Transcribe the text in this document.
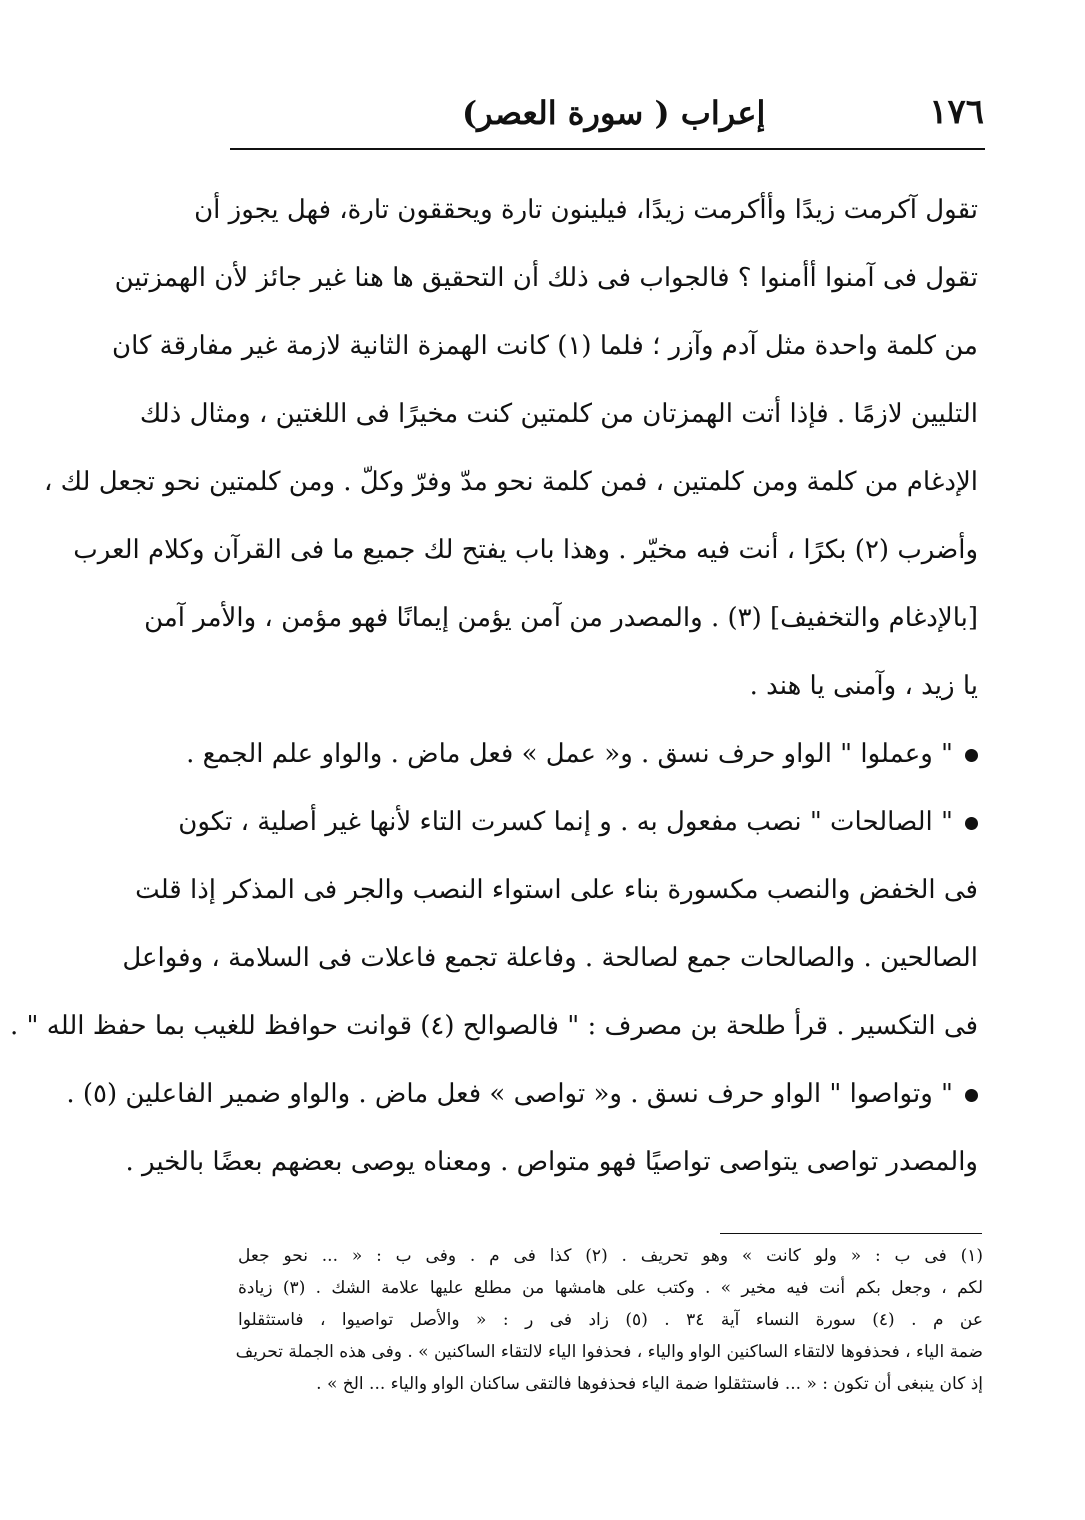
١٧٦
إعراب ( سورة العصر)
تقول آكرمت زيدًا وأأكرمت زيدًا، فيلينون تارة ويحققون تارة، فهل يجوز أن
تقول فى آمنوا أأمنوا ؟ فالجواب فى ذلك أن التحقيق ها هنا غير جائز لأن الهمزتين
من كلمة واحدة مثل آدم وآزر ؛ فلما (١) كانت الهمزة الثانية لازمة غير مفارقة كان
التليين لازمًا . فإذا أتت الهمزتان من كلمتين كنت مخيرًا فى اللغتين ، ومثال ذلك
الإدغام من كلمة ومن كلمتين ، فمن كلمة نحو مدّ وفرّ وكلّ . ومن كلمتين نحو تجعل لك ،
وأضرب (٢) بكرًا ، أنت فيه مخيّر . وهذا باب يفتح لك جميع ما فى القرآن وكلام العرب
[بالإدغام والتخفيف] (٣) . والمصدر من آمن يؤمن إيمانًا فهو مؤمن ، والأمر آمن
يا زيد ، وآمنى يا هند .
" وعملوا " الواو حرف نسق . و« عمل » فعل ماض . والواو علم الجمع .
" الصالحات " نصب مفعول به . و إنما كسرت التاء لأنها غير أصلية ، تكون
فى الخفض والنصب مكسورة بناء على استواء النصب والجر فى المذكر إذا قلت
الصالحين . والصالحات جمع لصالحة . وفاعلة تجمع فاعلات فى السلامة ، وفواعل
فى التكسير . قرأ طلحة بن مصرف : " فالصوالح (٤) قوانت حوافظ للغيب بما حفظ الله " .
" وتواصوا " الواو حرف نسق . و« تواصى » فعل ماض . والواو ضمير الفاعلين (٥) .
والمصدر تواصى يتواصى تواصيًا فهو متواص . ومعناه يوصى بعضهم بعضًا بالخير .
(١) فى ب : « ولو كانت » وهو تحريف . (٢) كذا فى م . وفى ب : « ... نحو جعل
لكم ، وجعل بكم أنت فيه مخير » . وكتب على هامشها من مطلع عليها علامة الشك . (٣) زيادة
عن م . (٤) سورة النساء آية ٣٤ . (٥) زاد فى ر : « والأصل تواصيوا ، فاستثقلوا
ضمة الياء ، فحذفوها لالتقاء الساكنين الواو والياء ، فحذفوا الياء لالتقاء الساكنين » . وفى هذه الجملة تحريف
إذ كان ينبغى أن تكون : « ... فاستثقلوا ضمة الياء فحذفوها فالتقى ساكنان الواو والياء ... الخ » .
